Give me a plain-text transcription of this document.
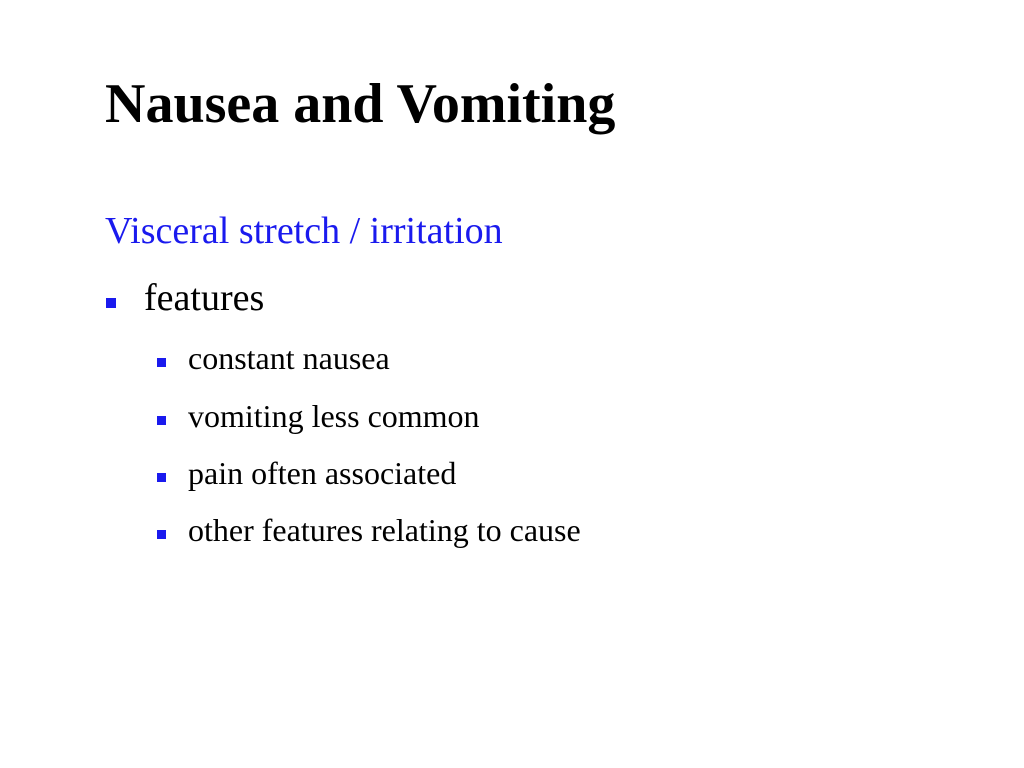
Nausea and Vomiting
Visceral stretch / irritation
features
constant nausea
vomiting less common
pain often associated
other features relating to cause
